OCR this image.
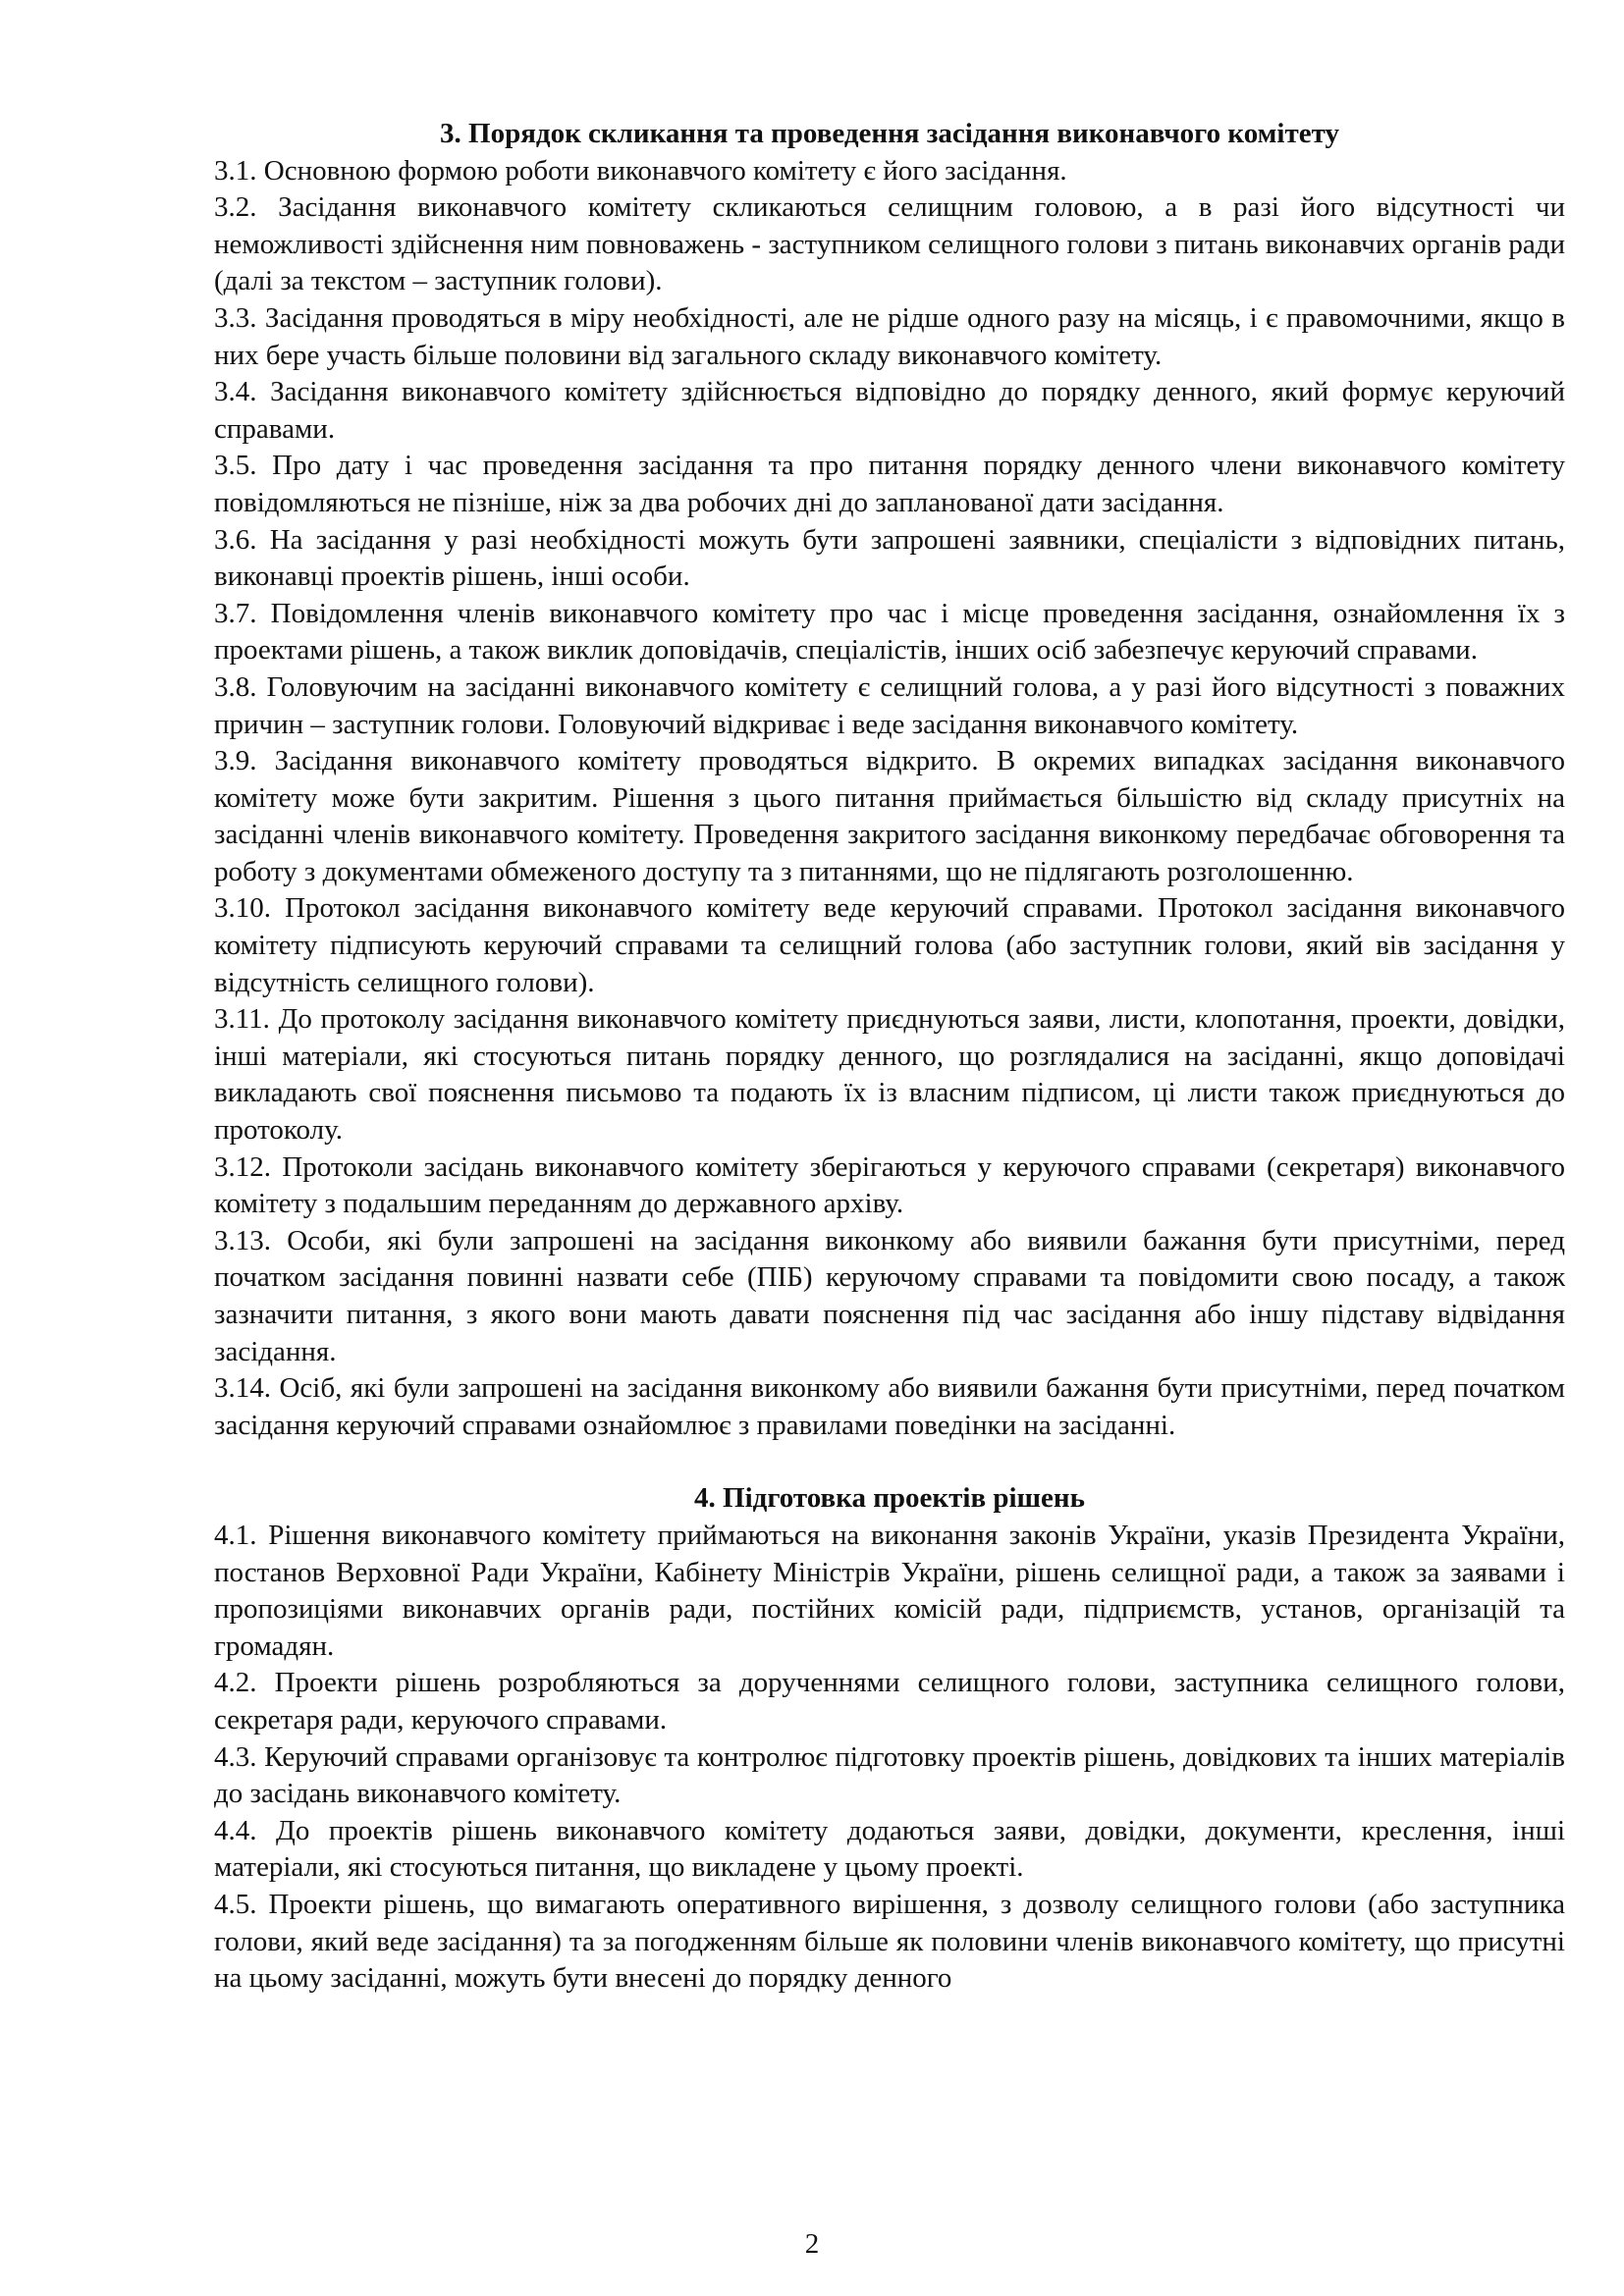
3. Порядок скликання та проведення засідання виконавчого комітету

3.1. Основною формою роботи виконавчого комітету є його засідання.

3.2. Засідання виконавчого комітету скликаються селищним головою, а в разі його відсутності чи неможливості здійснення ним повноважень - заступником селищного голови з питань виконавчих органів ради (далі за текстом – заступник голови).

3.3. Засідання проводяться в міру необхідності, але не рідше одного разу на місяць, і є правомочними, якщо в них бере участь більше половини від загального складу виконавчого комітету.

3.4. Засідання виконавчого комітету здійснюється відповідно до порядку денного, який формує керуючий справами.

3.5. Про дату і час проведення засідання та про питання порядку денного члени виконавчого комітету повідомляються не пізніше, ніж за два робочих дні до запланованої дати засідання.

3.6. На засідання у разі необхідності можуть бути запрошені заявники, спеціалісти з відповідних питань, виконавці проектів рішень, інші особи.

3.7. Повідомлення членів виконавчого комітету про час і місце проведення засідання, ознайомлення їх з проектами рішень, а також виклик доповідачів, спеціалістів, інших осіб забезпечує керуючий справами.

3.8. Головуючим на засіданні виконавчого комітету є селищний голова, а у разі його відсутності з поважних причин – заступник голови. Головуючий відкриває і веде засідання виконавчого комітету.

3.9. Засідання виконавчого комітету проводяться відкрито. В окремих випадках засідання виконавчого комітету може бути закритим. Рішення з цього питання приймається більшістю від складу присутніх на засіданні членів виконавчого комітету. Проведення закритого засідання виконкому передбачає обговорення та роботу з документами обмеженого доступу та з питаннями, що не підлягають розголошенню.

3.10. Протокол засідання виконавчого комітету веде керуючий справами. Протокол засідання виконавчого комітету підписують керуючий справами та селищний голова (або заступник голови, який вів засідання у відсутність селищного голови).

3.11. До протоколу засідання виконавчого комітету приєднуються заяви, листи, клопотання, проекти, довідки, інші матеріали, які стосуються питань порядку денного, що розглядалися на засіданні, якщо доповідачі викладають свої пояснення письмово та подають їх із власним підписом, ці листи також приєднуються до протоколу.

3.12. Протоколи засідань виконавчого комітету зберігаються у керуючого справами (секретаря) виконавчого комітету з подальшим переданням до державного архіву.

3.13. Особи, які були запрошені на засідання виконкому або виявили бажання бути присутніми, перед початком засідання повинні назвати себе (ПІБ) керуючому справами та повідомити свою посаду, а також зазначити питання, з якого вони мають давати пояснення під час засідання або іншу підставу відвідання засідання.

3.14. Осіб, які були запрошені на засідання виконкому або виявили бажання бути присутніми, перед початком засідання керуючий справами ознайомлює з правилами поведінки на засіданні.

4. Підготовка проектів рішень

4.1. Рішення виконавчого комітету приймаються на виконання законів України, указів Президента України, постанов Верховної Ради України, Кабінету Міністрів України, рішень селищної ради, а також за заявами і пропозиціями виконавчих органів ради, постійних комісій ради, підприємств, установ, організацій та громадян.

4.2. Проекти рішень розробляються за дорученнями селищного голови, заступника селищного голови, секретаря ради, керуючого справами.

4.3. Керуючий справами організовує та контролює підготовку проектів рішень, довідкових та інших матеріалів до засідань виконавчого комітету.

4.4. До проектів рішень виконавчого комітету додаються заяви, довідки, документи, креслення, інші матеріали, які стосуються питання, що викладене у цьому проекті.

4.5. Проекти рішень, що вимагають оперативного вирішення, з дозволу селищного голови (або заступника голови, який веде засідання) та за погодженням більше як половини членів виконавчого комітету, що присутні на цьому засіданні, можуть бути внесені до порядку денного

2
